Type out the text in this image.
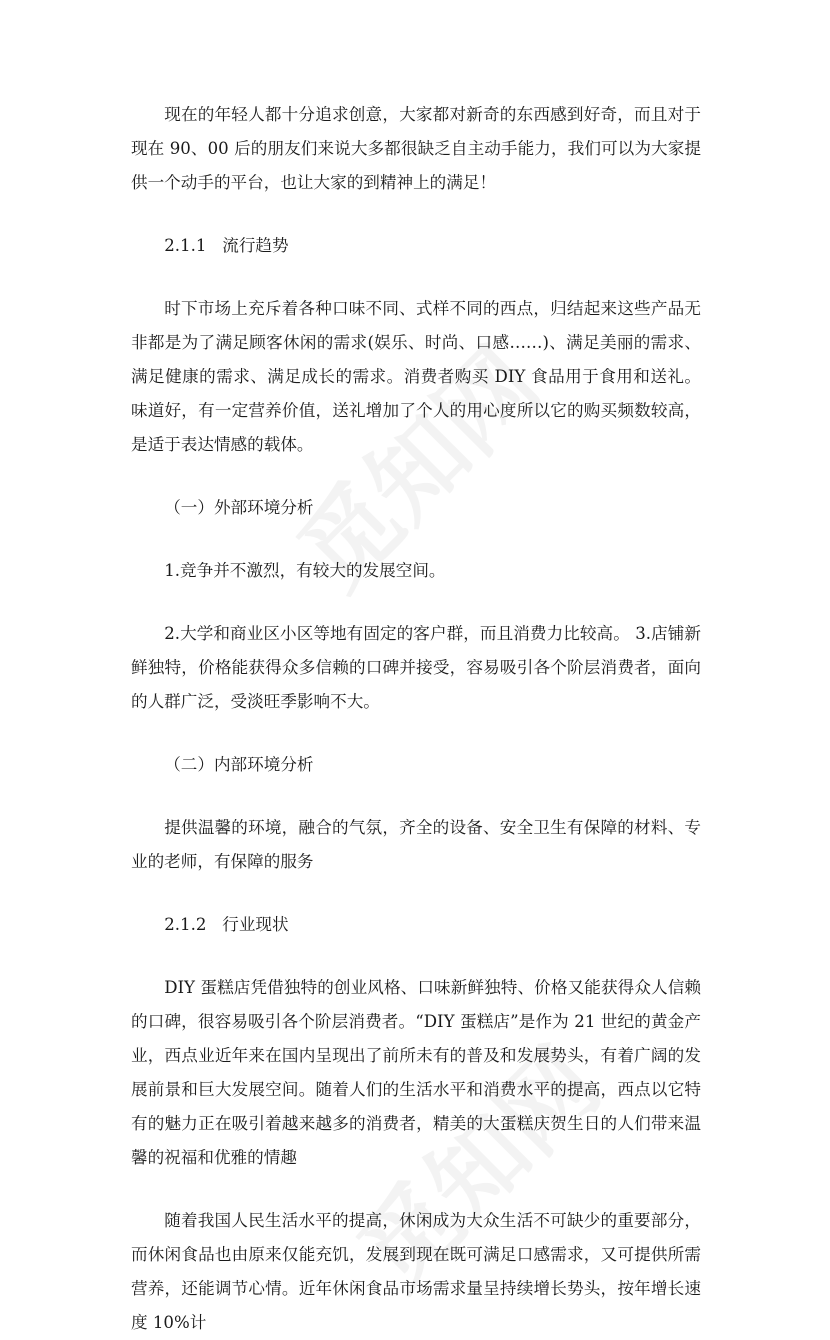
现在的年轻人都十分追求创意，大家都对新奇的东西感到好奇，而且对于现在 90、00 后的朋友们来说大多都很缺乏自主动手能力，我们可以为大家提供一个动手的平台，也让大家的到精神上的满足！

2.1.1   流行趋势

时下市场上充斥着各种口味不同、式样不同的西点，归结起来这些产品无非都是为了满足顾客休闲的需求(娱乐、时尚、口感……)、满足美丽的需求、满足健康的需求、满足成长的需求。消费者购买 DIY 食品用于食用和送礼。味道好，有一定营养价值，送礼增加了个人的用心度所以它的购买频数较高，是适于表达情感的载体。

（一）外部环境分析

1.竞争并不激烈，有较大的发展空间。

2.大学和商业区小区等地有固定的客户群，而且消费力比较高。 3.店铺新鲜独特，价格能获得众多信赖的口碑并接受，容易吸引各个阶层消费者，面向的人群广泛，受淡旺季影响不大。

（二）内部环境分析

提供温馨的环境，融合的气氛，齐全的设备、安全卫生有保障的材料、专业的老师，有保障的服务

2.1.2   行业现状

DIY 蛋糕店凭借独特的创业风格、口味新鲜独特、价格又能获得众人信赖的口碑，很容易吸引各个阶层消费者。“DIY 蛋糕店”是作为 21 世纪的黄金产业，西点业近年来在国内呈现出了前所未有的普及和发展势头，有着广阔的发展前景和巨大发展空间。随着人们的生活水平和消费水平的提高，西点以它特有的魅力正在吸引着越来越多的消费者，精美的大蛋糕庆贺生日的人们带来温馨的祝福和优雅的情趣

随着我国人民生活水平的提高，休闲成为大众生活不可缺少的重要部分，而休闲食品也由原来仅能充饥，发展到现在既可满足口感需求，又可提供所需营养，还能调节心情。近年休闲食品市场需求量呈持续增长势头，按年增长速度 10%计
